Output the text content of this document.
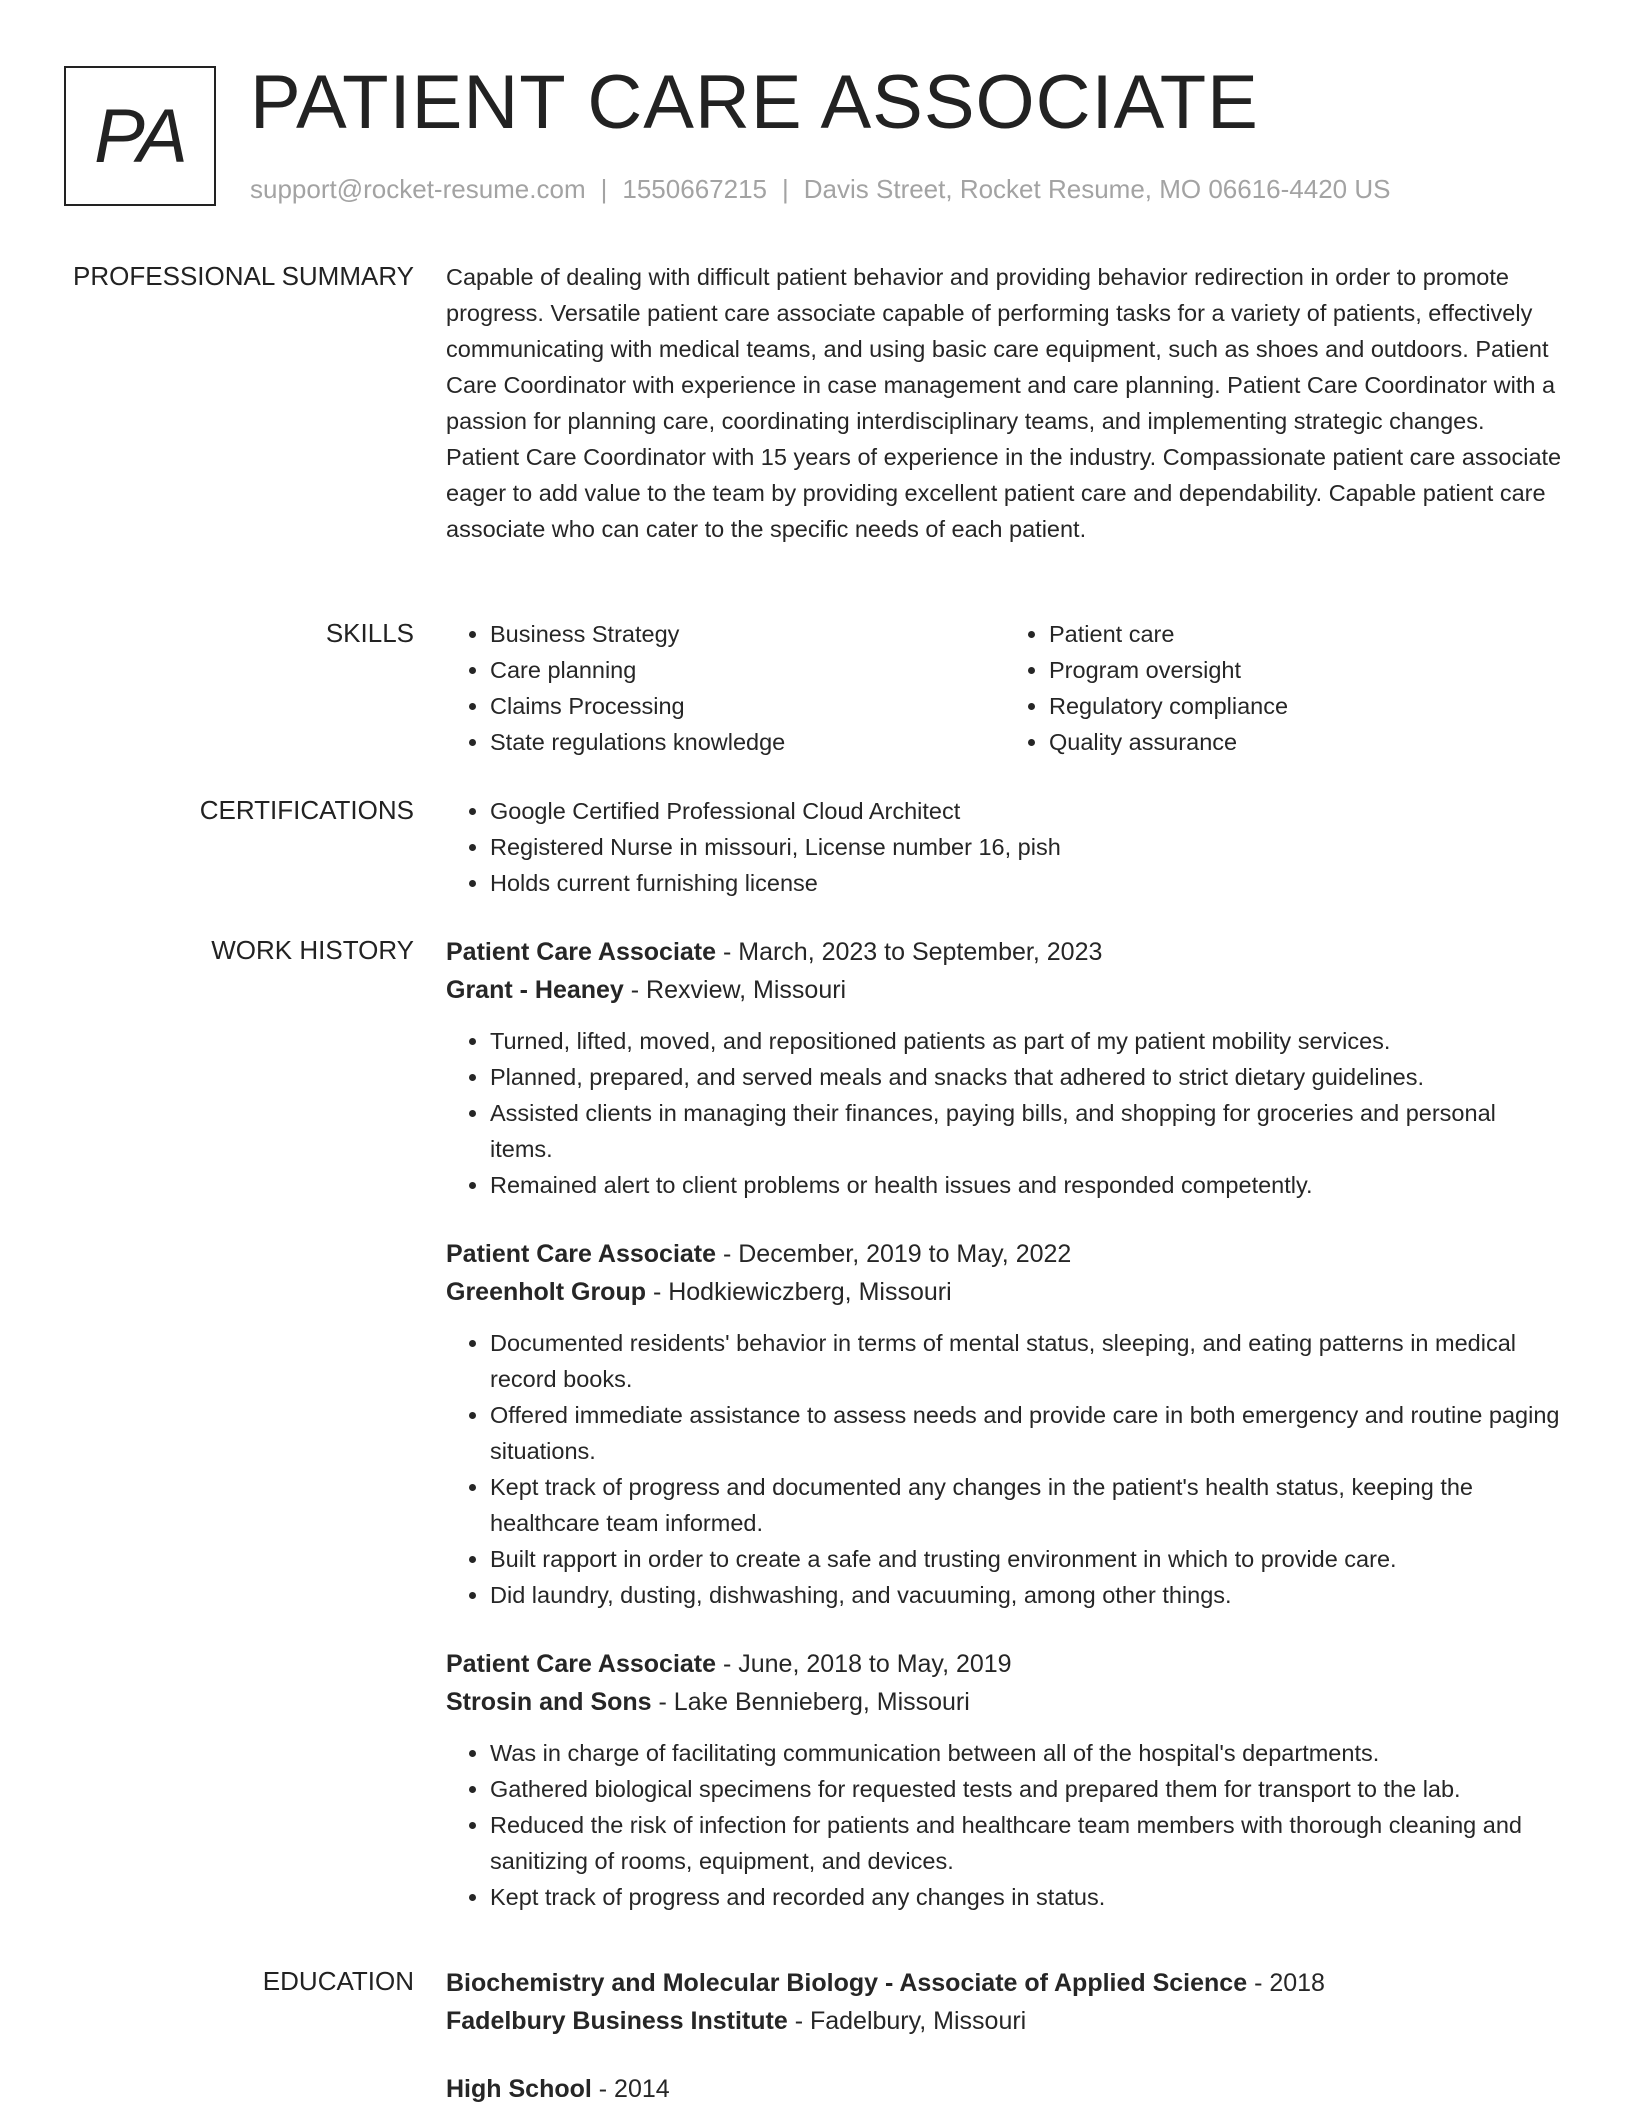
PA PATIENT CARE ASSOCIATE
support@rocket-resume.com | 1550667215 | Davis Street, Rocket Resume, MO 06616-4420 US
PROFESSIONAL SUMMARY Capable of dealing with difficult patient behavior and providing behavior redirection in order to promote progress. Versatile patient care associate capable of performing tasks for a variety of patients, effectively communicating with medical teams, and using basic care equipment, such as shoes and outdoors. Patient Care Coordinator with experience in case management and care planning. Patient Care Coordinator with a passion for planning care, coordinating interdisciplinary teams, and implementing strategic changes. Patient Care Coordinator with 15 years of experience in the industry. Compassionate patient care associate eager to add value to the team by providing excellent patient care and dependability. Capable patient care associate who can cater to the specific needs of each patient.

SKILLS	• Business Strategy
• Care planning
• Claims Processing
• State regulations knowledge
• Patient care
• Program oversight
• Regulatory compliance
• Quality assurance
CERTIFICATIONS	• Google Certified Professional Cloud Architect
• Registered Nurse in missouri, License number 16, pish
• Holds current furnishing license
WORK HISTORY Patient Care Associate - March, 2023 to September, 2023
Grant - Heaney - Rexview, Missouri
• Turned, lifted, moved, and repositioned patients as part of my patient mobility services.
• Planned, prepared, and served meals and snacks that adhered to strict dietary guidelines.
• Assisted clients in managing their finances, paying bills, and shopping for groceries and personal items.
• Remained alert to client problems or health issues and responded competently.
Patient Care Associate - December, 2019 to May, 2022
Greenholt Group - Hodkiewiczberg, Missouri
• Documented residents' behavior in terms of mental status, sleeping, and eating patterns in medical record books.
• Offered immediate assistance to assess needs and provide care in both emergency and routine paging situations.
• Kept track of progress and documented any changes in the patient's health status, keeping the healthcare team informed.
• Built rapport in order to create a safe and trusting environment in which to provide care.
• Did laundry, dusting, dishwashing, and vacuuming, among other things.
Patient Care Associate - June, 2018 to May, 2019
Strosin and Sons - Lake Bennieberg, Missouri
• Was in charge of facilitating communication between all of the hospital's departments.
• Gathered biological specimens for requested tests and prepared them for transport to the lab.
• Reduced the risk of infection for patients and healthcare team members with thorough cleaning and sanitizing of rooms, equipment, and devices.
• Kept track of progress and recorded any changes in status.
EDUCATION Biochemistry and Molecular Biology - Associate of Applied Science - 2018
Fadelbury Business Institute - Fadelbury, Missouri
High School - 2014
